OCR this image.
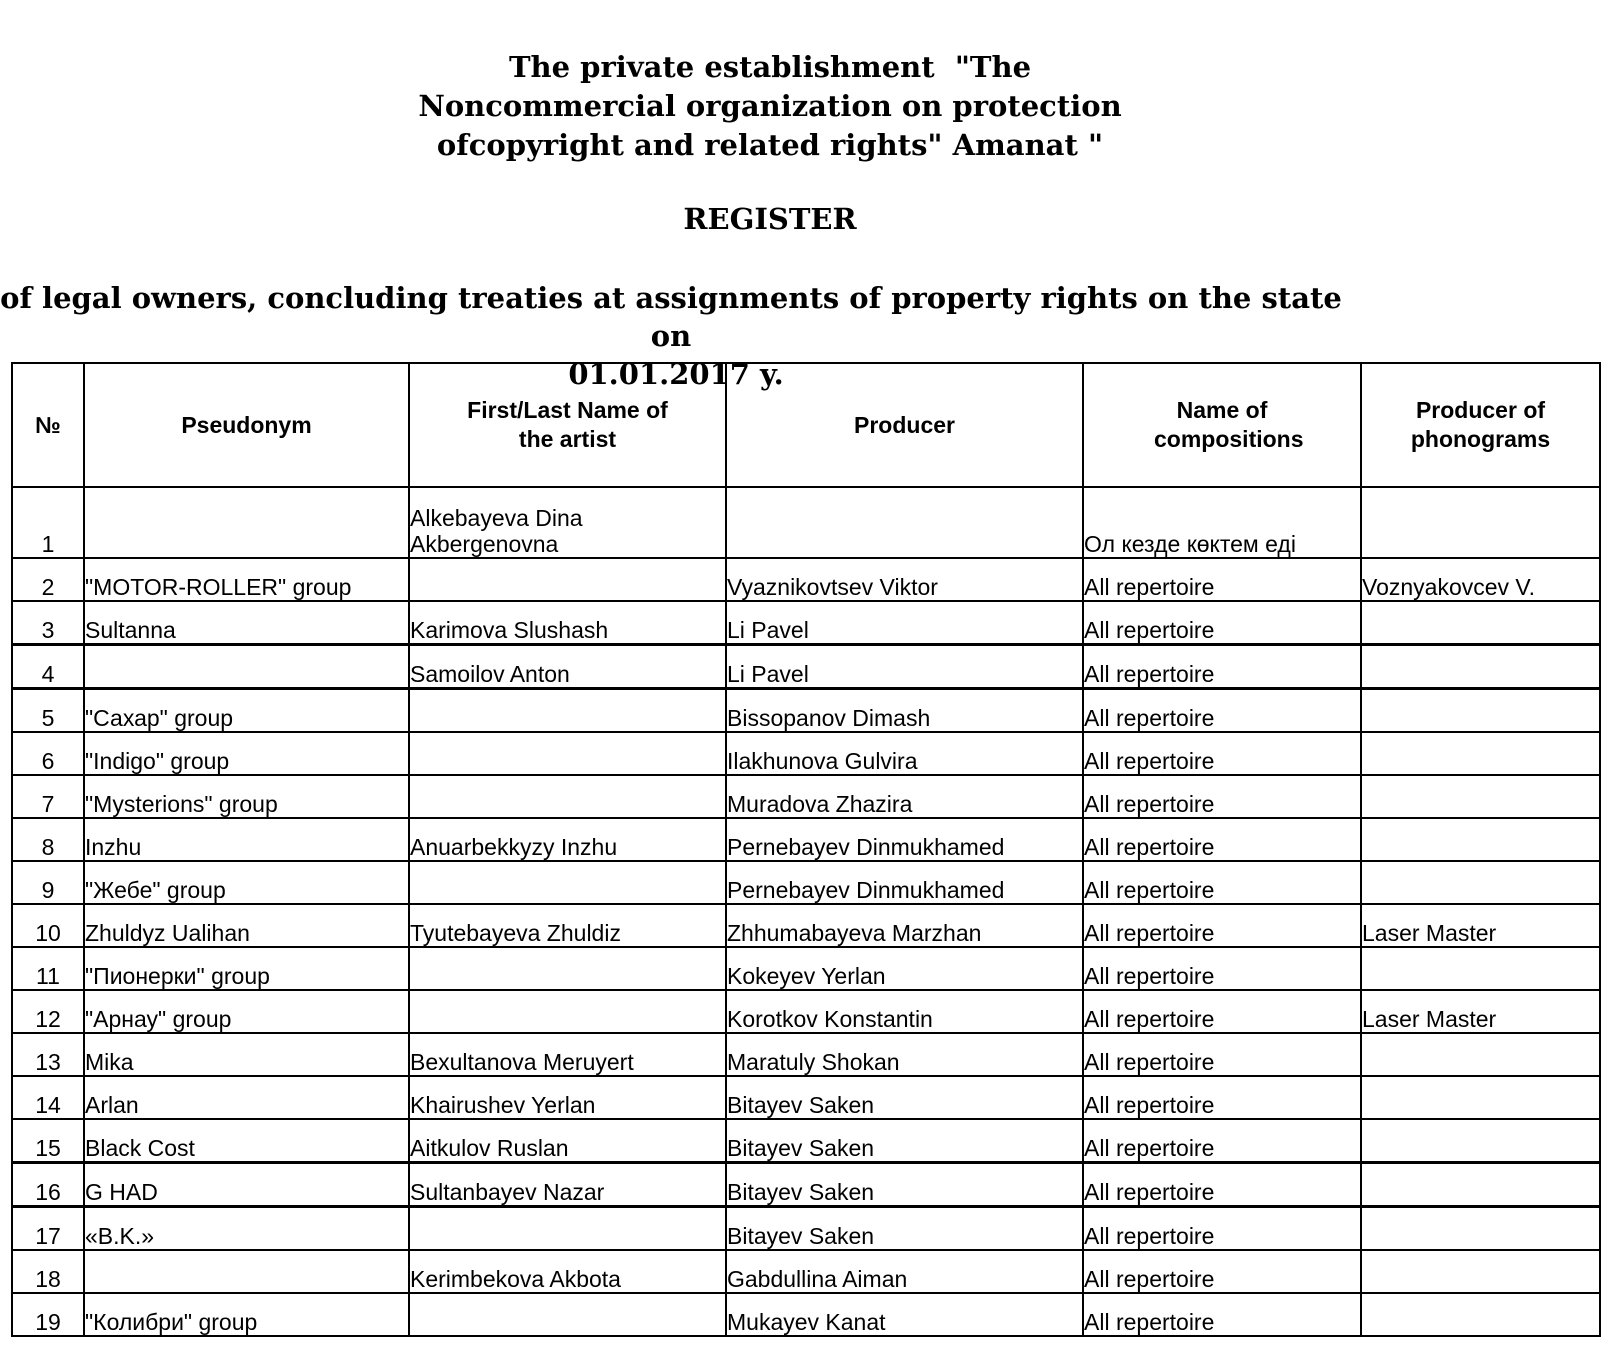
The private establishment  "The
Noncommercial organization on protection
ofcopyright and related rights" Amanat "
REGISTER
of legal owners, concluding treaties at assignments of property rights on the state on
01.01.2017 y.
№	Pseudonym	First/Last Name of the artist	Producer	Name of compositions	Producer of phonograms
1		Alkebayeva Dina Akbergenovna		Ол кезде көктем еді	
2	"MOTOR-ROLLER" group		Vyaznikovtsev Viktor	All repertoire	Voznyakovcev V.
3	Sultanna	Karimova Slushash	Li Pavel	All repertoire	
4		Samoilov Anton	Li Pavel	All repertoire	
5	"Сахар" group		Bissopanov Dimash	All repertoire	
6	"Indigo" group		Ilakhunova Gulvira	All repertoire	
7	"Mysterions" group		Muradova Zhazira	All repertoire	
8	Inzhu	Anuarbekkyzy Inzhu	Pernebayev Dinmukhamed	All repertoire	
9	"Жебе" group		Pernebayev Dinmukhamed	All repertoire	
10	Zhuldyz Ualihan	Tyutebayeva Zhuldiz	Zhhumabayeva Marzhan	All repertoire	Laser Master
11	"Пионерки" group		Kokeyev Yerlan	All repertoire	
12	"Арнау" group		Korotkov Konstantin	All repertoire	Laser Master
13	Mika	Bexultanova Meruyert	Maratuly Shokan	All repertoire	
14	Arlan	Khairushev Yerlan	Bitayev Saken	All repertoire	
15	Black Cost	Aitkulov Ruslan	Bitayev Saken	All repertoire	
16	G HAD	Sultanbayev Nazar	Bitayev Saken	All repertoire	
17	«B.K.»		Bitayev Saken	All repertoire	
18		Kerimbekova Akbota	Gabdullina Aiman	All repertoire	
19	"Колибри" group		Mukayev Kanat	All repertoire	
